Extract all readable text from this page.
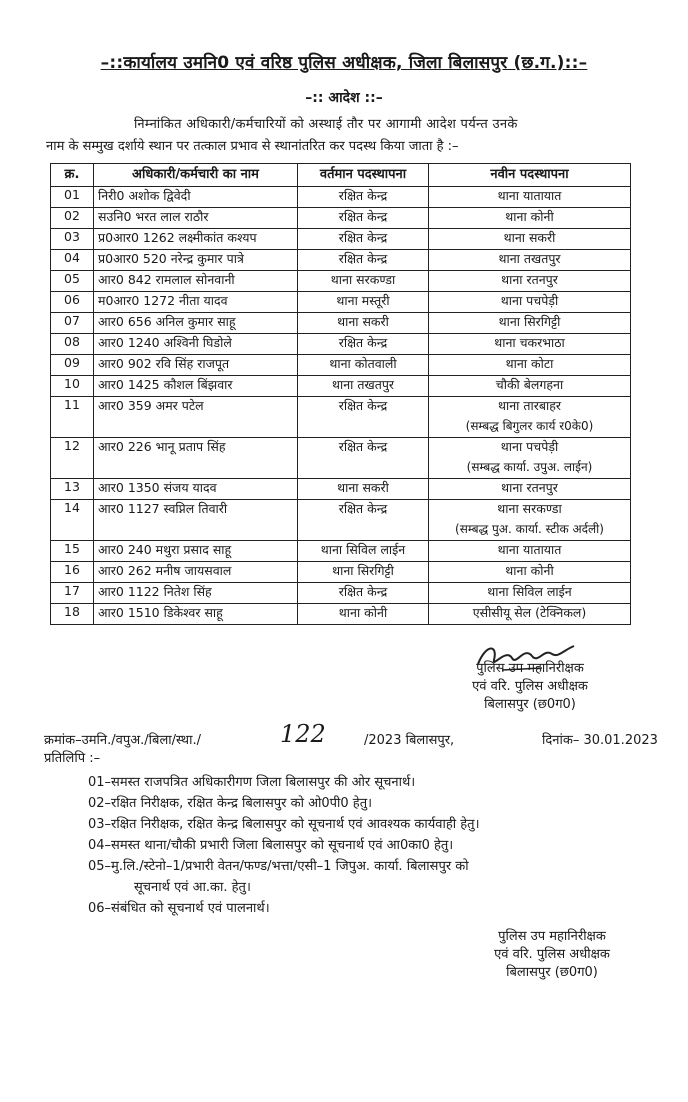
–::कार्यालय उमनि0 एवं वरिष्ठ पुलिस अधीक्षक, जिला बिलासपुर (छ.ग.)::–
–:: आदेश ::–
निम्नांकित अधिकारी/कर्मचारियों को अस्थाई तौर पर आगामी आदेश पर्यन्त उनके
नाम के सम्मुख दर्शाये स्थान पर तत्काल प्रभाव से स्थानांतरित कर पदस्थ किया जाता है :–
क्र.	अधिकारी/कर्मचारी का नाम	वर्तमान पदस्थापना	नवीन पदस्थापना
01	निरी0 अशोक द्विवेदी	रक्षित केन्द्र	थाना यातायात
02	सउनि0 भरत लाल राठौर	रक्षित केन्द्र	थाना कोनी
03	प्र0आर0 1262 लक्ष्मीकांत कश्यप	रक्षित केन्द्र	थाना सकरी
04	प्र0आर0 520 नरेन्द्र कुमार पात्रे	रक्षित केन्द्र	थाना तखतपुर
05	आर0 842 रामलाल सोनवानी	थाना सरकण्डा	थाना रतनपुर
06	म0आर0 1272 नीता यादव	थाना मस्तूरी	थाना पचपेड़ी
07	आर0 656 अनिल कुमार साहू	थाना सकरी	थाना सिरगिट्टी
08	आर0 1240 अश्विनी घिडोले	रक्षित केन्द्र	थाना चकरभाठा
09	आर0 902 रवि सिंह राजपूत	थाना कोतवाली	थाना कोटा
10	आर0 1425 कौशल बिंझवार	थाना तखतपुर	चौकी बेलगहना
11	आर0 359 अमर पटेल	रक्षित केन्द्र	थाना तारबाहर
(सम्बद्ध बिगुलर कार्य र0के0)

12	आर0 226 भानू प्रताप सिंह	रक्षित केन्द्र	थाना पचपेड़ी
(सम्बद्ध कार्या. उपुअ. लाईन)

13	आर0 1350 संजय यादव	थाना सकरी	थाना रतनपुर
14	आर0 1127 स्वप्निल तिवारी	रक्षित केन्द्र	थाना सरकण्डा
(सम्बद्ध पुअ. कार्या. स्टीक अर्दली)

15	आर0 240 मथुरा प्रसाद साहू	थाना सिविल लाईन	थाना यातायात
16	आर0 262 मनीष जायसवाल	थाना सिरगिट्टी	थाना कोनी
17	आर0 1122 नितेश सिंह	रक्षित केन्द्र	थाना सिविल लाईन
18	आर0 1510 डिकेश्वर साहू	थाना कोनी	एसीसीयू सेल (टेक्निकल)
पुलिस उप महानिरीक्षक
एवं वरि. पुलिस अधीक्षक
बिलासपुर (छ0ग0)
क्रमांक–उमनि./वपुअ./बिला/स्था./	122	/2023 बिलासपुर,	दिनांक– 30.01.2023
प्रतिलिपि :–
01–समस्त राजपत्रित अधिकारीगण जिला बिलासपुर की ओर सूचनार्थ।
02–रक्षित निरीक्षक, रक्षित केन्द्र बिलासपुर को ओ0पी0 हेतु।
03–रक्षित निरीक्षक, रक्षित केन्द्र बिलासपुर को सूचनार्थ एवं आवश्यक कार्यवाही हेतु।
04–समस्त थाना/चौकी प्रभारी जिला बिलासपुर को सूचनार्थ एवं आ0का0 हेतु।
05–मु.लि./स्टेनो–1/प्रभारी वेतन/फण्ड/भत्ता/एसी–1 जिपुअ. कार्या. बिलासपुर को
सूचनार्थ एवं आ.का. हेतु।
06–संबंधित को सूचनार्थ एवं पालनार्थ।
पुलिस उप महानिरीक्षक
एवं वरि. पुलिस अधीक्षक
बिलासपुर (छ0ग0)
